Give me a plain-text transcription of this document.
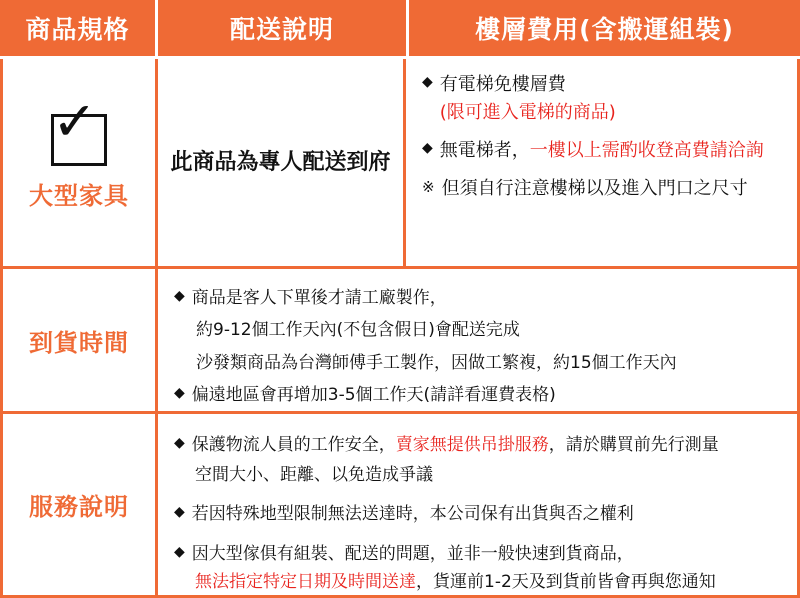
商品規格	配送說明	樓層費用(含搬運組裝)
✓
大型家具
此商品為專人配送到府
◆ 有電梯免樓層費
(限可進入電梯的商品)
◆ 無電梯者，一樓以上需酌收登高費請洽詢
※ 但須自行注意樓梯以及進入門口之尺寸
到貨時間
◆ 商品是客人下單後才請工廠製作，
約9-12個工作天內(不包含假日)會配送完成
沙發類商品為台灣師傅手工製作，因做工繁複，約15個工作天內
◆ 偏遠地區會再增加3-5個工作天(請詳看運費表格)
服務說明
◆ 保護物流人員的工作安全，賣家無提供吊掛服務，請於購買前先行測量
空間大小、距離、以免造成爭議
◆ 若因特殊地型限制無法送達時，本公司保有出貨與否之權利
◆ 因大型傢俱有組裝、配送的問題，並非一般快速到貨商品，
無法指定特定日期及時間送達，貨運前1-2天及到貨前皆會再與您通知
